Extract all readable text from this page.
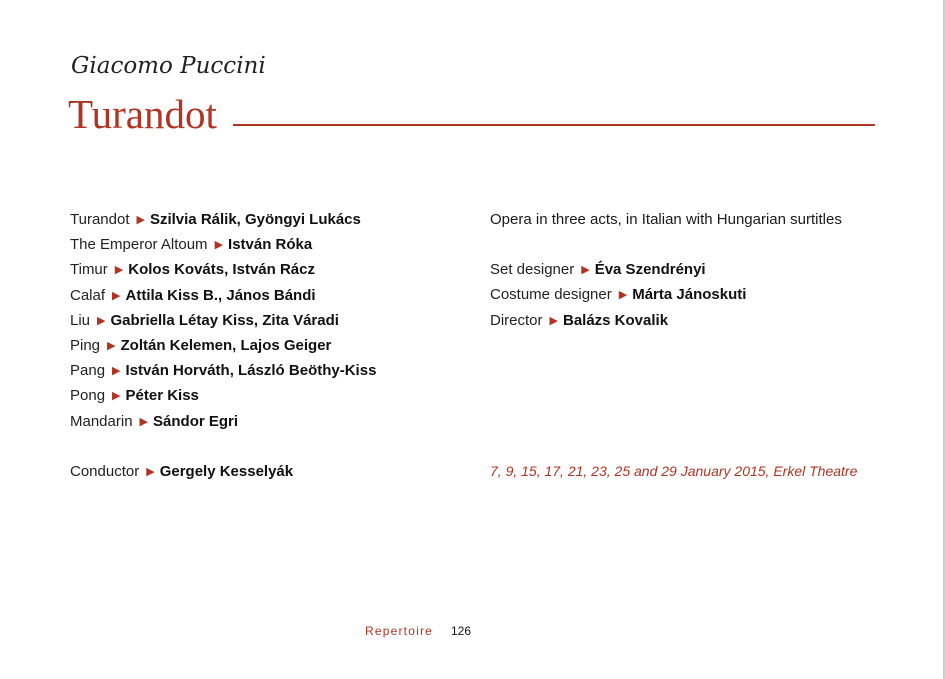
Giacomo Puccini
Turandot
Turandot ▶ Szilvia Rálik, Gyöngyi Lukács
The Emperor Altoum ▶ István Róka
Timur ▶ Kolos Kováts, István Rácz
Calaf ▶ Attila Kiss B., János Bándi
Liu ▶ Gabriella Létay Kiss, Zita Váradi
Ping ▶ Zoltán Kelemen, Lajos Geiger
Pang ▶ István Horváth, László Beöthy-Kiss
Pong ▶ Péter Kiss
Mandarin ▶ Sándor Egri
Conductor ▶ Gergely Kesselyák
Opera in three acts, in Italian with Hungarian surtitles
Set designer ▶ Éva Szendrényi
Costume designer ▶ Márta Jánoskuti
Director ▶ Balázs Kovalik
7, 9, 15, 17, 21, 23, 25 and 29 January 2015, Erkel Theatre
Repertoire 126
